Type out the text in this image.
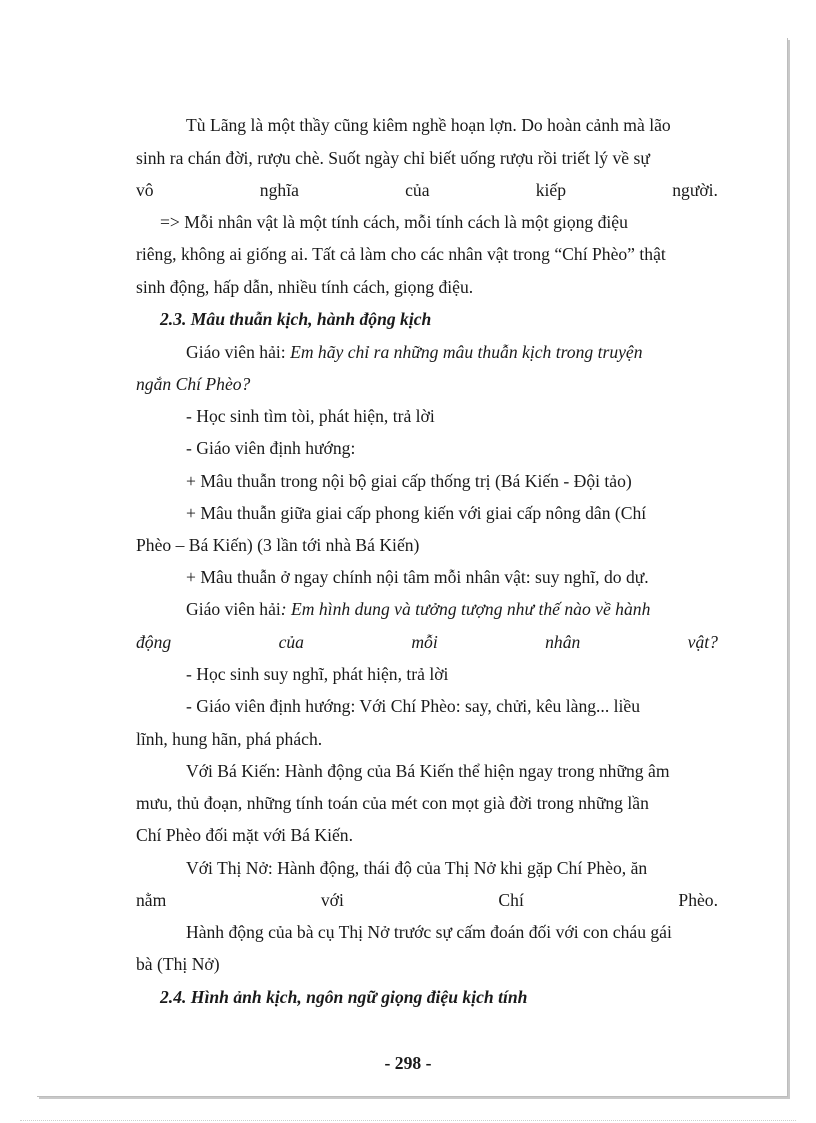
Tù Lãng là một thầy cũng kiêm nghề hoạn lợn. Do hoàn cảnh mà lão
sinh ra chán đời, rượu chè. Suốt ngày chỉ biết uống rượu rồi triết lý về sự
vô	nghĩa	của	kiếp	người.
=> Mỗi nhân vật là một tính cách, mỗi tính cách là một giọng điệu
riêng, không ai giống ai. Tất cả làm cho các nhân vật trong “Chí Phèo” thật
sinh động, hấp dẫn, nhiều tính cách, giọng điệu.
2.3. Mâu thuẫn kịch, hành động kịch
Giáo viên hải: Em hãy chỉ ra những mâu thuẫn kịch trong truyện
ngắn Chí Phèo?
- Học sinh tìm tòi, phát hiện, trả lời
- Giáo viên định hướng:
+ Mâu thuẫn trong nội bộ giai cấp thống trị (Bá Kiến - Đội tảo)
+ Mâu thuẫn giữa giai cấp phong kiến với giai cấp nông dân (Chí
Phèo – Bá Kiến) (3 lần tới nhà Bá Kiến)
+ Mâu thuẫn ở ngay chính nội tâm mỗi nhân vật: suy nghĩ, do dự.
Giáo viên hải: Em hình dung và tưởng tượng như thế nào về hành
động	của	mỗi	nhân	vật?
- Học sinh suy nghĩ, phát hiện, trả lời
- Giáo viên định hướng: Với Chí Phèo: say, chửi, kêu làng... liều
lĩnh, hung hãn, phá phách.
Với Bá Kiến: Hành động của Bá Kiến thể hiện ngay trong những âm
mưu, thủ đoạn, những tính toán của mét con mọt già đời trong những lần
Chí Phèo đối mặt với Bá Kiến.
Với Thị Nở: Hành động, thái độ của Thị Nở khi gặp Chí Phèo, ăn
nằm	với	Chí	Phèo.
Hành động của bà cụ Thị Nở trước sự cấm đoán đối với con cháu gái
bà (Thị Nở)
2.4. Hình ảnh kịch, ngôn ngữ giọng điệu kịch tính
- 298 -
